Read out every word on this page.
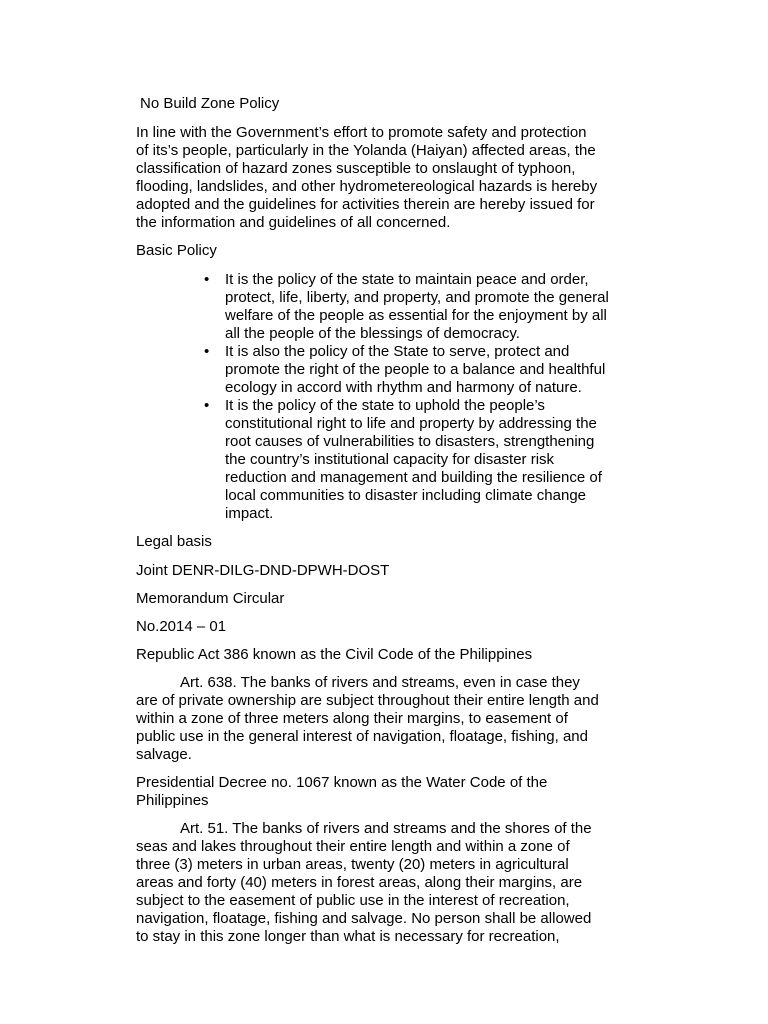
No Build Zone Policy

In line with the Government’s effort to promote safety and protection
of its’s people, particularly in the Yolanda (Haiyan) affected areas, the
classification of hazard zones susceptible to onslaught of typhoon,
flooding, landslides, and other hydrometereological hazards is hereby
adopted and the guidelines for activities therein are hereby issued for
the information and guidelines of all concerned.

Basic Policy

• It is the policy of the state to maintain peace and order,
protect, life, liberty, and property, and promote the general
welfare of the people as essential for the enjoyment by all
all the people of the blessings of democracy.
• It is also the policy of the State to serve, protect and
promote the right of the people to a balance and healthful
ecology in accord with rhythm and harmony of nature.
• It is the policy of the state to uphold the people’s
constitutional right to life and property by addressing the
root causes of vulnerabilities to disasters, strengthening
the country’s institutional capacity for disaster risk
reduction and management and building the resilience of
local communities to disaster including climate change
impact.

Legal basis

Joint DENR-DILG-DND-DPWH-DOST

Memorandum Circular

No.2014 – 01

Republic Act 386 known as the Civil Code of the Philippines

Art. 638. The banks of rivers and streams, even in case they
are of private ownership are subject throughout their entire length and
within a zone of three meters along their margins, to easement of
public use in the general interest of navigation, floatage, fishing, and
salvage.

Presidential Decree no. 1067 known as the Water Code of the
Philippines

Art. 51. The banks of rivers and streams and the shores of the
seas and lakes throughout their entire length and within a zone of
three (3) meters in urban areas, twenty (20) meters in agricultural
areas and forty (40) meters in forest areas, along their margins, are
subject to the easement of public use in the interest of recreation,
navigation, floatage, fishing and salvage. No person shall be allowed
to stay in this zone longer than what is necessary for recreation,
